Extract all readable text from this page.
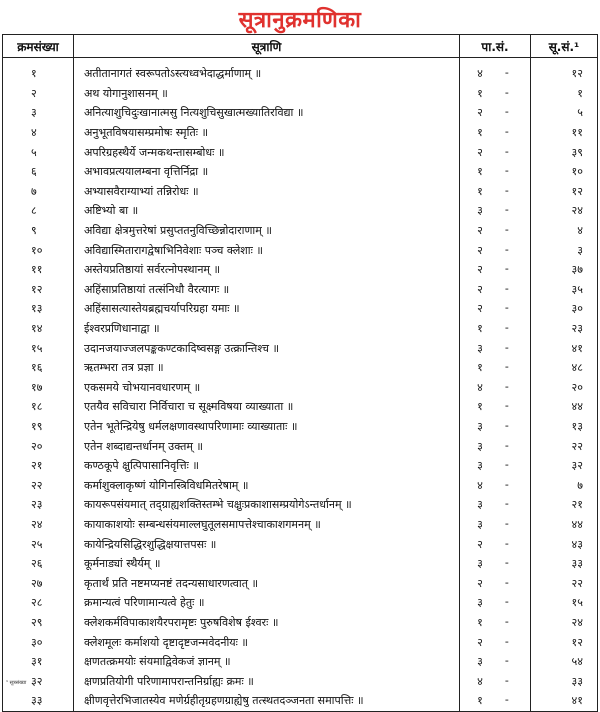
सूत्रानुक्रमणिका
क्रमसंख्या	सूत्राणि	पा.सं.	सू.सं.¹
१	अतीतानागतं स्वरूपतोऽस्त्यध्वभेदाद्धर्माणाम् ॥	४ -	१२
२	अथ योगानुशासनम् ॥	१ -	१
३	अनित्याशुचिदुःखानात्मसु नित्यशुचिसुखात्मख्यातिरविद्या ॥	२ -	५
४	अनुभूतविषयासम्प्रमोषः स्मृतिः ॥	१ -	११
५	अपरिग्रहस्थैर्ये जन्मकथन्तासम्बोधः ॥	२ -	३९
६	अभावप्रत्ययालम्बना वृत्तिर्निद्रा ॥	१ -	१०
७	अभ्यासवैराग्याभ्यां तन्निरोधः ॥	१ -	१२
८	अष्टिभ्यो बा ॥	३ -	२४
९	अविद्या क्षेत्रमुत्तरेषां प्रसुप्ततनुविच्छिन्नोदाराणाम् ॥	२ -	४
१०	अविद्यास्मितारागद्वेषाभिनिवेशाः पञ्च क्लेशाः ॥	२ -	३
११	अस्तेयप्रतिष्ठायां सर्वरत्नोपस्थानम् ॥	२ -	३७
१२	अहिंसाप्रतिष्ठायां तत्संनिधौ वैरत्यागः ॥	२ -	३५
१३	अहिंसासत्यास्तेयब्रह्मचर्यापरिग्रहा यमाः ॥	२ -	३०
१४	ईश्वरप्रणिधानाद्वा ॥	१ -	२३
१५	उदानजयाज्जलपङ्ककण्टकादिष्वसङ्ग उत्क्रान्तिश्च ॥	३ -	४१
१६	ऋतम्भरा तत्र प्रज्ञा ॥	१ -	४८
१७	एकसमये चोभयानवधारणम् ॥	४ -	२०
१८	एतयैव सविचारा निर्विचारा च सूक्ष्मविषया व्याख्याता ॥	१ -	४४
१९	एतेन भूतेन्द्रियेषु धर्मलक्षणावस्थापरिणामाः व्याख्याताः ॥	३ -	१३
२०	एतेन शब्दाद्यन्तर्धानम् उक्तम् ॥	३ -	२२
२१	कण्ठकूपे क्षुत्पिपासानिवृत्तिः ॥	३ -	३२
२२	कर्माशुक्लाकृष्णं योगिनस्त्रिविधमितरेषाम् ॥	४ -	७
२३	कायरूपसंयमात् तद्ग्राह्यशक्तिस्तम्भे चक्षुःप्रकाशासम्प्रयोगेऽन्तर्धानम् ॥	३ -	२१
२४	कायाकाशयोः सम्बन्धसंयमाल्लघुतूलसमापत्तेश्चाकाशगमनम् ॥	३ -	४४
२५	कायेन्द्रियसिद्धिरशुद्धिक्षयात्तपसः ॥	२ -	४३
२६	कूर्मनाड्यां स्थैर्यम् ॥	३ -	३३
२७	कृतार्थं प्रति नष्टमप्यनष्टं तदन्यसाधारणत्वात् ॥	२ -	२२
२८	क्रमान्यत्वं परिणामान्यत्वे हेतुः ॥	३ -	१५
२९	क्लेशकर्मविपाकाशयैरपरामृष्टः पुरुषविशेष ईश्वरः ॥	१ -	२४
३०	क्लेशमूलः कर्माशयो दृष्टादृष्टजन्मवेदनीयः ॥	२ -	१२
३१	क्षणतत्क्रमयोः संयमाद्विवेकजं ज्ञानम् ॥	३ -	५४
३२	क्षणप्रतियोगी परिणामापरान्तनिर्ग्राह्यः क्रमः ॥	४ -	३३
३३	क्षीणवृत्तेरभिजातस्येव मणेर्ग्रहीतृग्रहणग्राह्येषु तत्स्थतदञ्जनता समापत्तिः ॥	१ -	४१
¹ सूत्रसंख्या
